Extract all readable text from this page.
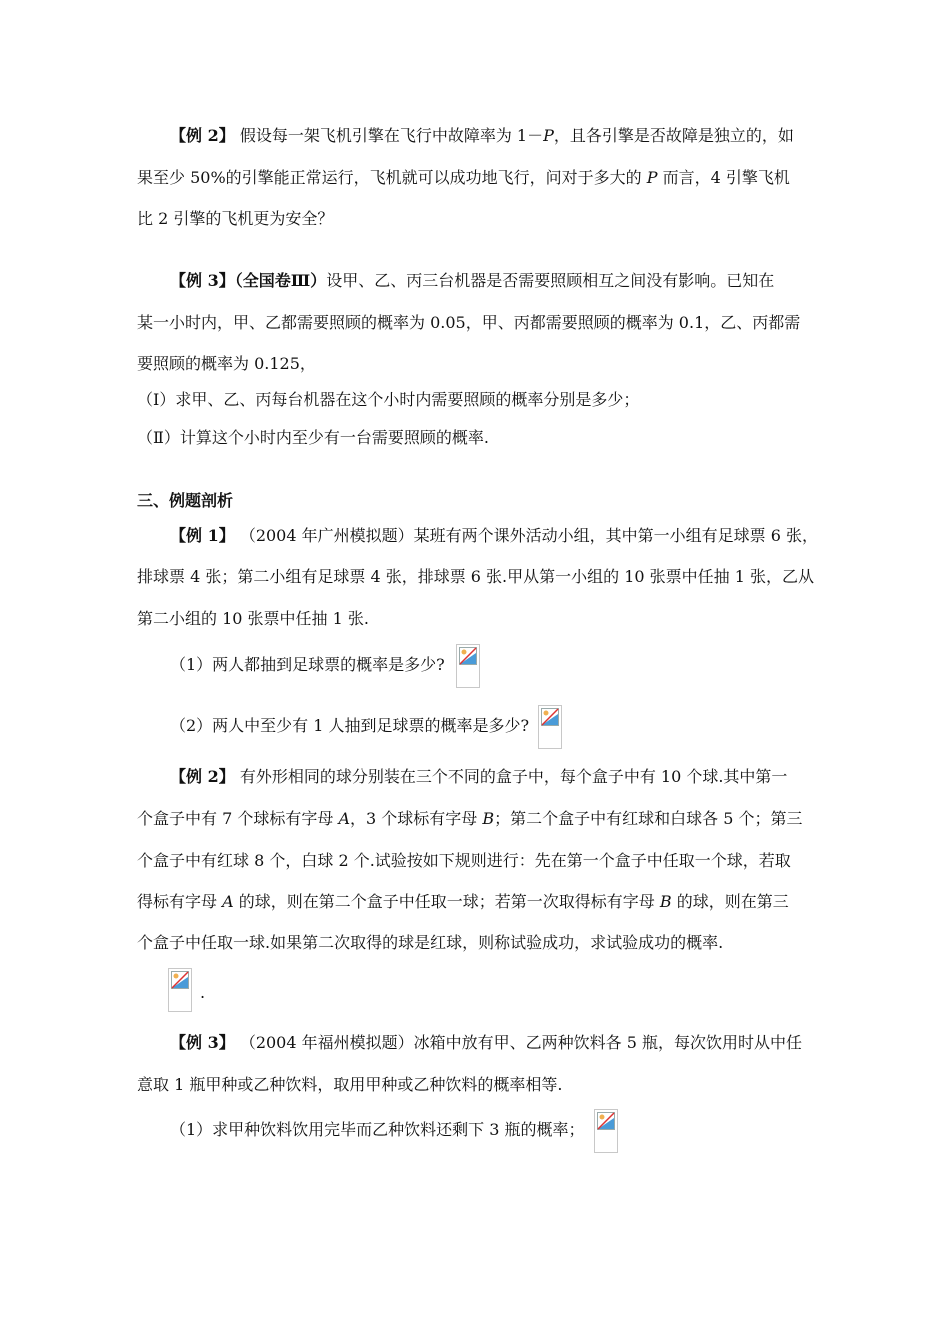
【例 2】 假设每一架飞机引擎在飞行中故障率为 1－P，且各引擎是否故障是独立的，如
果至少 50%的引擎能正常运行，飞机就可以成功地飞行，问对于多大的 P 而言，4 引擎飞机
比 2 引擎的飞机更为安全？
【例 3】（全国卷Ⅲ）设甲、乙、丙三台机器是否需要照顾相互之间没有影响。已知在
某一小时内，甲、乙都需要照顾的概率为 0.05，甲、丙都需要照顾的概率为 0.1，乙、丙都需
要照顾的概率为 0.125，
（Ⅰ）求甲、乙、丙每台机器在这个小时内需要照顾的概率分别是多少；
（Ⅱ）计算这个小时内至少有一台需要照顾的概率.
三、例题剖析
【例 1】 （2004 年广州模拟题）某班有两个课外活动小组，其中第一小组有足球票 6 张，
排球票 4 张；第二小组有足球票 4 张，排球票 6 张.甲从第一小组的 10 张票中任抽 1 张，乙从
第二小组的 10 张票中任抽 1 张.
（1）两人都抽到足球票的概率是多少?
（2）两人中至少有 1 人抽到足球票的概率是多少?
【例 2】 有外形相同的球分别装在三个不同的盒子中，每个盒子中有 10 个球.其中第一
个盒子中有 7 个球标有字母 A，3 个球标有字母 B；第二个盒子中有红球和白球各 5 个；第三
个盒子中有红球 8 个，白球 2 个.试验按如下规则进行：先在第一个盒子中任取一个球，若取
得标有字母 A 的球，则在第二个盒子中任取一球；若第一次取得标有字母 B 的球，则在第三
个盒子中任取一球.如果第二次取得的球是红球，则称试验成功，求试验成功的概率.
.
【例 3】 （2004 年福州模拟题）冰箱中放有甲、乙两种饮料各 5 瓶，每次饮用时从中任
意取 1 瓶甲种或乙种饮料，取用甲种或乙种饮料的概率相等.
（1）求甲种饮料饮用完毕而乙种饮料还剩下 3 瓶的概率；
